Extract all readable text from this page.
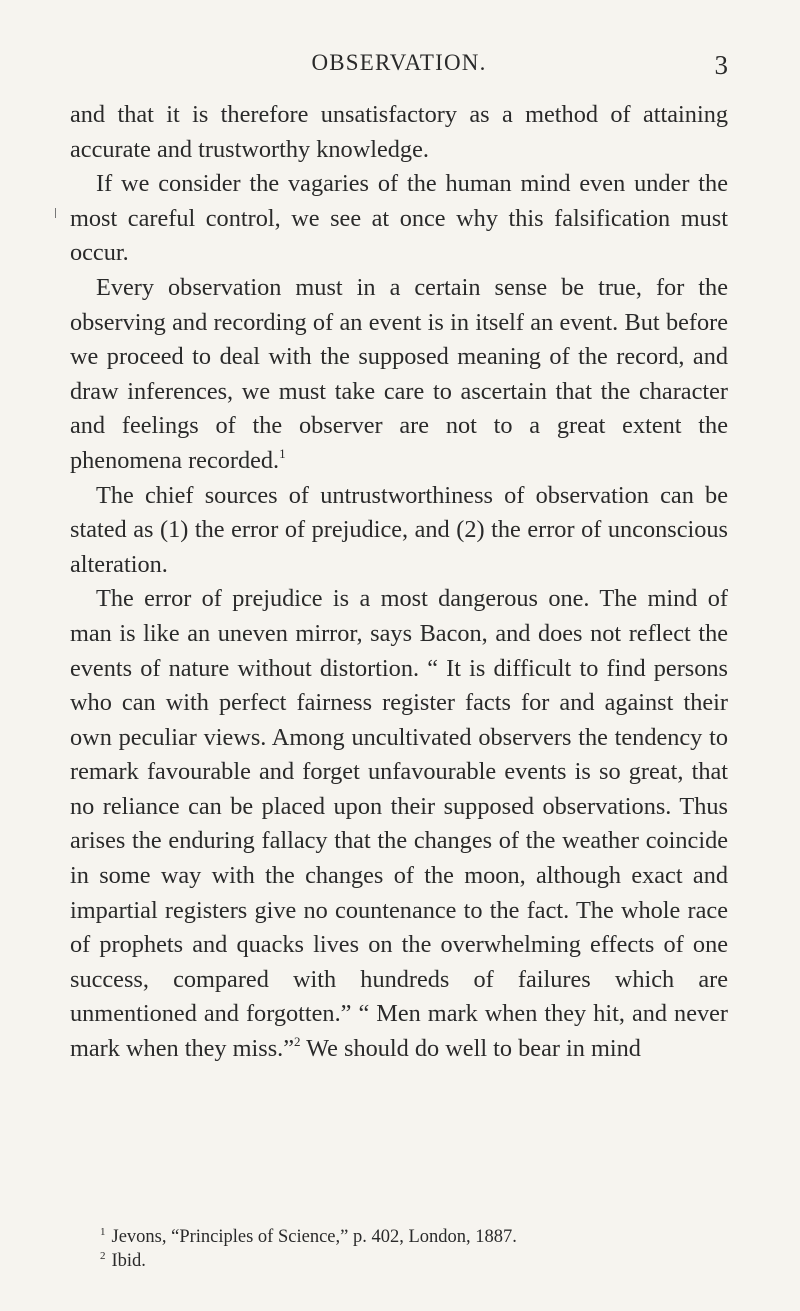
OBSERVATION.	3

and that it is therefore unsatisfactory as a method of attaining accurate and trustworthy knowledge.

If we consider the vagaries of the human mind even under the most careful control, we see at once why this falsification must occur.

Every observation must in a certain sense be true, for the observing and recording of an event is in itself an event. But before we proceed to deal with the supposed meaning of the record, and draw inferences, we must take care to ascertain that the character and feelings of the observer are not to a great extent the phenomena recorded.$^1$

The chief sources of untrustworthiness of observation can be stated as (1) the error of prejudice, and (2) the error of unconscious alteration.

The error of prejudice is a most dangerous one. The mind of man is like an uneven mirror, says Bacon, and does not reflect the events of nature without distortion. “ It is difficult to find persons who can with perfect fairness register facts for and against their own peculiar views. Among uncultivated observers the tendency to remark favourable and forget unfavourable events is so great, that no reliance can be placed upon their supposed observations. Thus arises the enduring fallacy that the changes of the weather coincide in some way with the changes of the moon, although exact and impartial registers give no countenance to the fact. The whole race of prophets and quacks lives on the overwhelming effects of one success, compared with hundreds of failures which are unmentioned and forgotten.” “ Men mark when they hit, and never mark when they miss.”$^2$ We should do well to bear in mind

$^1$ Jevons, “Principles of Science,” p. 402, London, 1887.

$^2$ Ibid.
